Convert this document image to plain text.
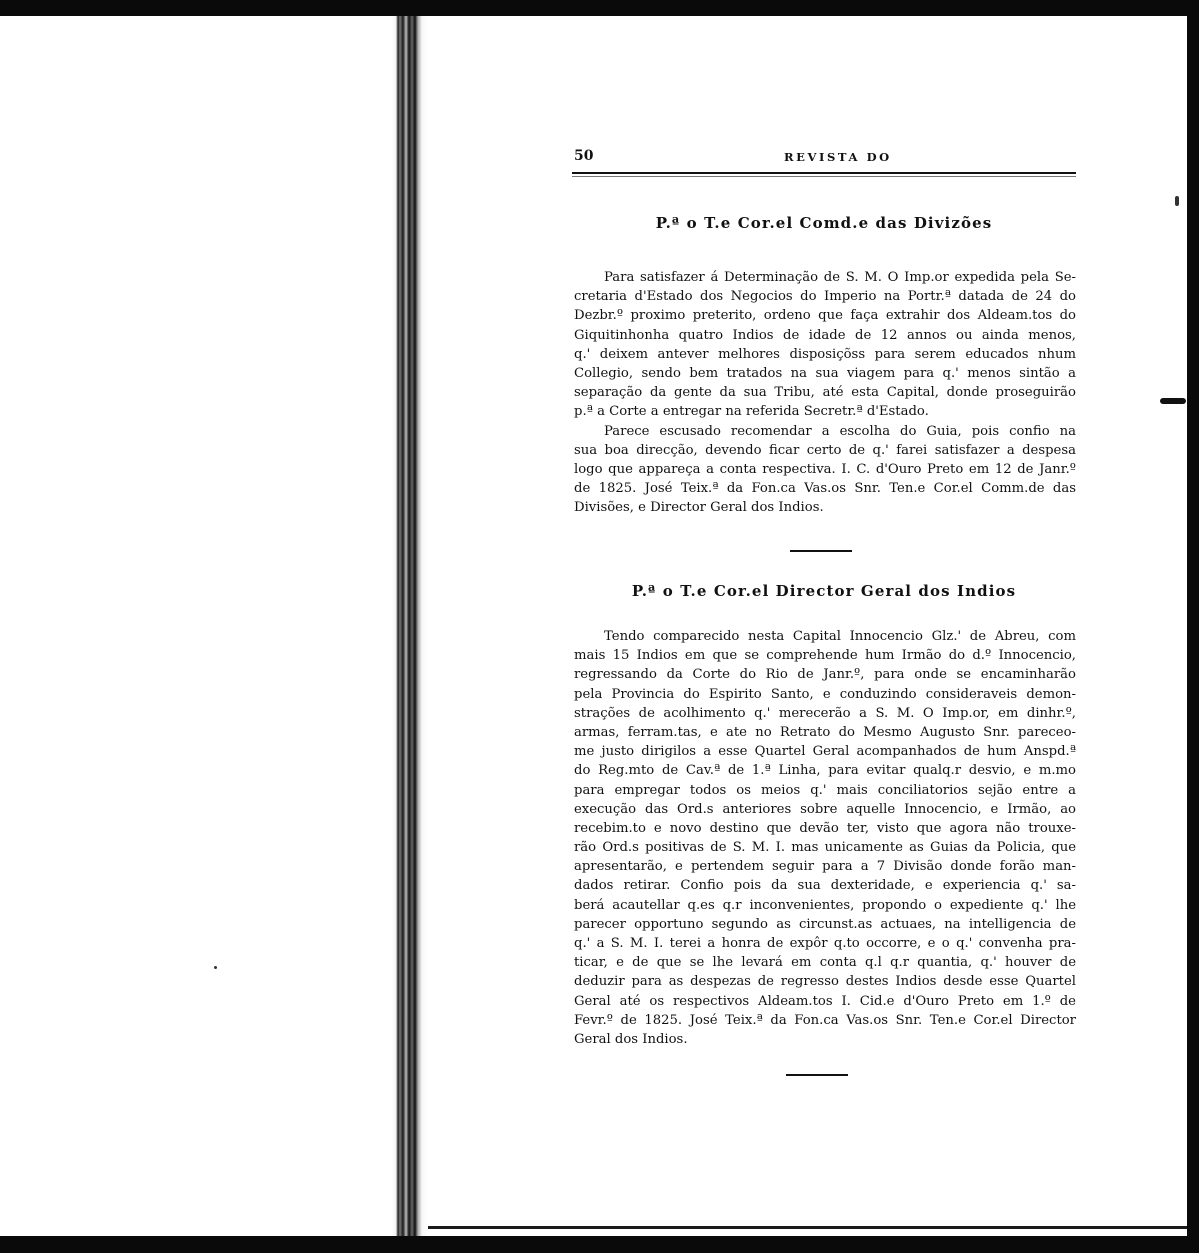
50	REVISTA DO
P.ª o T.e Cor.el Comd.e das Divizões
Para satisfazer á Determinação de S. M. O Imp.or expedida pela Se-
cretaria d'Estado dos Negocios do Imperio na Portr.ª datada de 24 do
Dezbr.º proximo preterito, ordeno que faça extrahir dos Aldeam.tos do
Giquitinhonha quatro Indios de idade de 12 annos ou ainda menos,
q.' deixem antever melhores disposiçõss para serem educados nhum
Collegio, sendo bem tratados na sua viagem para q.' menos sintão a
separação da gente da sua Tribu, até esta Capital, donde proseguirão
p.ª a Corte a entregar na referida Secretr.ª d'Estado.
Parece escusado recomendar a escolha do Guia, pois confio na
sua boa direcção, devendo ficar certo de q.' farei satisfazer a despesa
logo que appareça a conta respectiva. I. C. d'Ouro Preto em 12 de Janr.º
de 1825. José Teix.ª da Fon.ca Vas.os Snr. Ten.e Cor.el Comm.de das
Divisões, e Director Geral dos Indios.
P.ª o T.e Cor.el Director Geral dos Indios
Tendo comparecido nesta Capital Innocencio Glz.' de Abreu, com
mais 15 Indios em que se comprehende hum Irmão do d.º Innocencio,
regressando da Corte do Rio de Janr.º, para onde se encaminharão
pela Provincia do Espirito Santo, e conduzindo consideraveis demon-
strações de acolhimento q.' merecerão a S. M. O Imp.or, em dinhr.º,
armas, ferram.tas, e ate no Retrato do Mesmo Augusto Snr. pareceo-
me justo dirigilos a esse Quartel Geral acompanhados de hum Anspd.ª
do Reg.mto de Cav.ª de 1.ª Linha, para evitar qualq.r desvio, e m.mo
para empregar todos os meios q.' mais conciliatorios sejão entre a
execução das Ord.s anteriores sobre aquelle Innocencio, e Irmão, ao
recebim.to e novo destino que devão ter, visto que agora não trouxe-
rão Ord.s positivas de S. M. I. mas unicamente as Guias da Policia, que
apresentarão, e pertendem seguir para a 7 Divisão donde forão man-
dados retirar. Confio pois da sua dexteridade, e experiencia q.' sa-
berá acautellar q.es q.r inconvenientes, propondo o expediente q.' lhe
parecer opportuno segundo as circunst.as actuaes, na intelligencia de
q.' a S. M. I. terei a honra de expôr q.to occorre, e o q.' convenha pra-
ticar, e de que se lhe levará em conta q.l q.r quantia, q.' houver de
deduzir para as despezas de regresso destes Indios desde esse Quartel
Geral até os respectivos Aldeam.tos I. Cid.e d'Ouro Preto em 1.º de
Fevr.º de 1825. José Teix.ª da Fon.ca Vas.os Snr. Ten.e Cor.el Director
Geral dos Indios.
